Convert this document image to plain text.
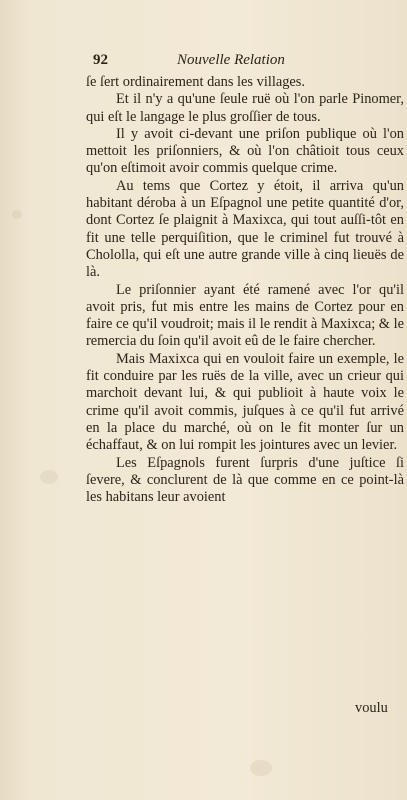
92	Nouvelle Relation

ſe ſert ordinairement dans les villages.

Et il n'y a qu'une ſeule ruë où l'on parle Pinomer, qui eſt le langage le plus groſſier de tous.

Il y avoit ci-devant une priſon publique où l'on mettoit les priſonniers, & où l'on châtioit tous ceux qu'on eſtimoit avoir commis quelque crime.

Au tems que Cortez y étoit, il arriva qu'un habitant déroba à un Eſpagnol une petite quantité d'or, dont Cortez ſe plaignit à Maxixca, qui tout auſſi-tôt en fit une telle perquiſition, que le criminel fut trouvé à Cholollа, qui eſt une autre grande ville à cinq lieuës de là.

Le priſonnier ayant été ramené avec l'or qu'il avoit pris, fut mis entre les mains de Cortez pour en faire ce qu'il voudroit; mais il le rendit à Maxixca; & le remercia du ſoin qu'il avoit eû de le faire chercher.

Mais Maxixca qui en vouloit faire un exemple, le fit conduire par les ruës de la ville, avec un crieur qui marchoit devant lui, & qui publioit à haute voix le crime qu'il avoit commis, juſques à ce qu'il fut arrivé en la place du marché, où on le fit monter ſur un échaffaut, & on lui rompit les jointures avec un levier.

Les Eſpagnols furent ſurpris d'une juſtice ſi ſevere, & conclurent de là que comme en ce point-là les habitans leur avoient

voulu
